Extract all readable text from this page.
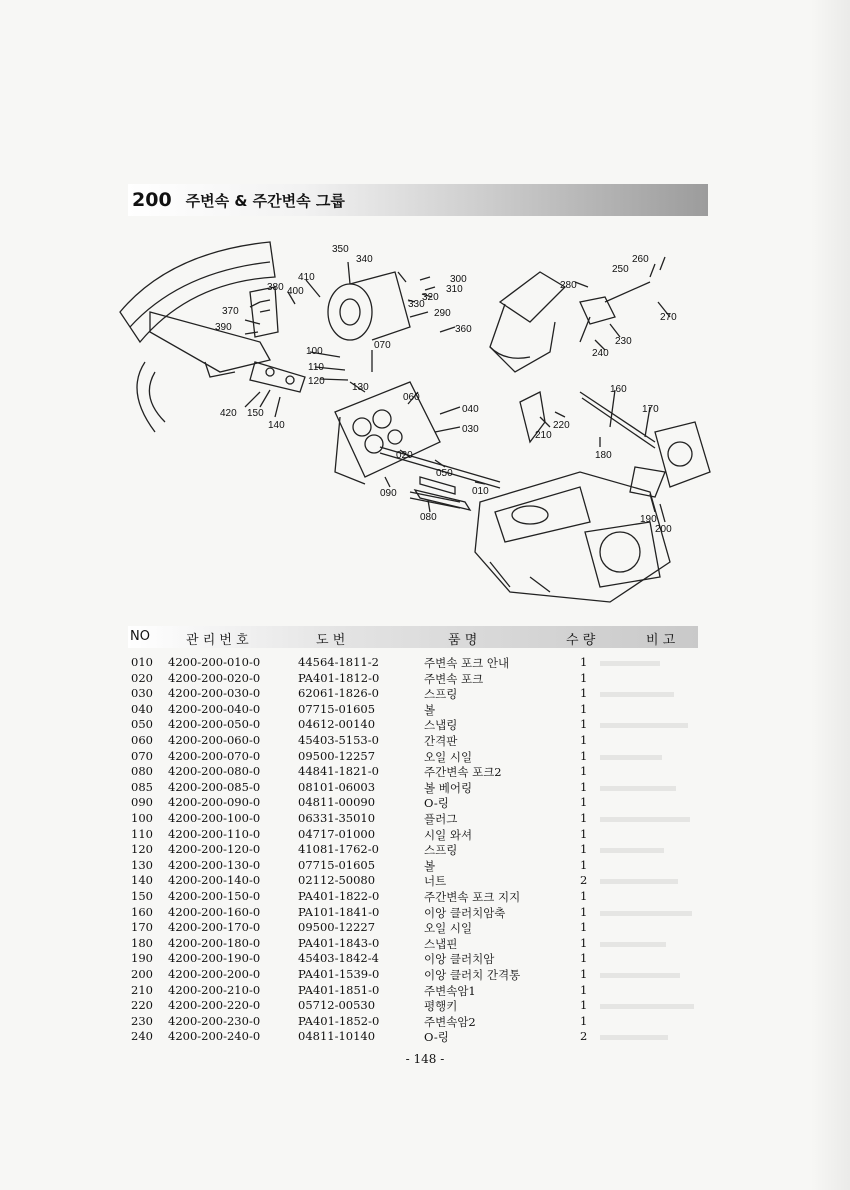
200 주변속 & 주간변속 그룹
350
340
410
380 400
370
390
300
310
330
320
290
360
280
250
260
270
230
240
100
110
120
130
070
060
040
030
160
170
210
220
180
020
050
010
420 150
140
090
080	190
200
NO	관 리 번 호	도 번	품 명	수 량	비 고
010 4200-200-010-0	44564-1811-2	주변속 포크 안내	1
020 4200-200-020-0	PA401-1812-0	주변속 포크	1
030 4200-200-030-0	62061-1826-0	스프링	1
040 4200-200-040-0	07715-01605	볼	1
050 4200-200-050-0	04612-00140	스냅링	1
060 4200-200-060-0	45403-5153-0	간격판	1
070 4200-200-070-0	09500-12257	오일 시일	1
080 4200-200-080-0	44841-1821-0	주간변속 포크2	1
085 4200-200-085-0	08101-06003	볼 베어링	1
090 4200-200-090-0	04811-00090	O-링	1
100 4200-200-100-0	06331-35010	플러그	1
110 4200-200-110-0	04717-01000	시일 와셔	1
120 4200-200-120-0	41081-1762-0	스프링	1
130 4200-200-130-0	07715-01605	볼	1
140 4200-200-140-0	02112-50080	너트	2
150 4200-200-150-0	PA401-1822-0	주간변속 포크 지지	1
160 4200-200-160-0	PA101-1841-0	이앙 클러치암축	1
170 4200-200-170-0	09500-12227	오일 시일	1
180 4200-200-180-0	PA401-1843-0	스냅핀	1
190 4200-200-190-0	45403-1842-4	이앙 클러치암	1
200 4200-200-200-0	PA401-1539-0	이앙 클러치 간격통	1
210 4200-200-210-0	PA401-1851-0	주변속암1	1
220 4200-200-220-0	05712-00530	평행키	1
230 4200-200-230-0	PA401-1852-0	주변속암2	1
240 4200-200-240-0	04811-10140	O-링	2
- 148 -
